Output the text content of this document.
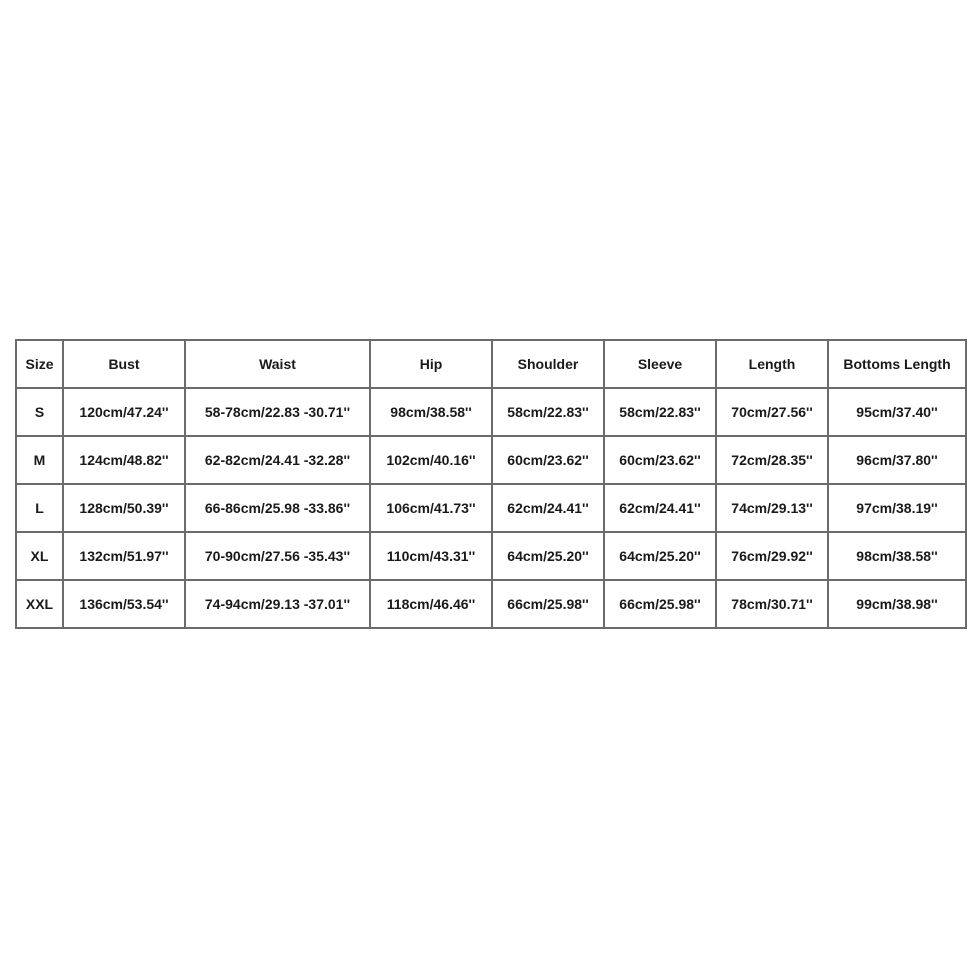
Size	Bust	Waist	Hip	Shoulder	Sleeve	Length	Bottoms Length
S	120cm/47.24''	58-78cm/22.83 -30.71''	98cm/38.58''	58cm/22.83''	58cm/22.83''	70cm/27.56''	95cm/37.40''
M	124cm/48.82''	62-82cm/24.41 -32.28''	102cm/40.16''	60cm/23.62''	60cm/23.62''	72cm/28.35''	96cm/37.80''
L	128cm/50.39''	66-86cm/25.98 -33.86''	106cm/41.73''	62cm/24.41''	62cm/24.41''	74cm/29.13''	97cm/38.19''
XL	132cm/51.97''	70-90cm/27.56 -35.43''	110cm/43.31''	64cm/25.20''	64cm/25.20''	76cm/29.92''	98cm/38.58''
XXL	136cm/53.54''	74-94cm/29.13 -37.01''	118cm/46.46''	66cm/25.98''	66cm/25.98''	78cm/30.71''	99cm/38.98''
